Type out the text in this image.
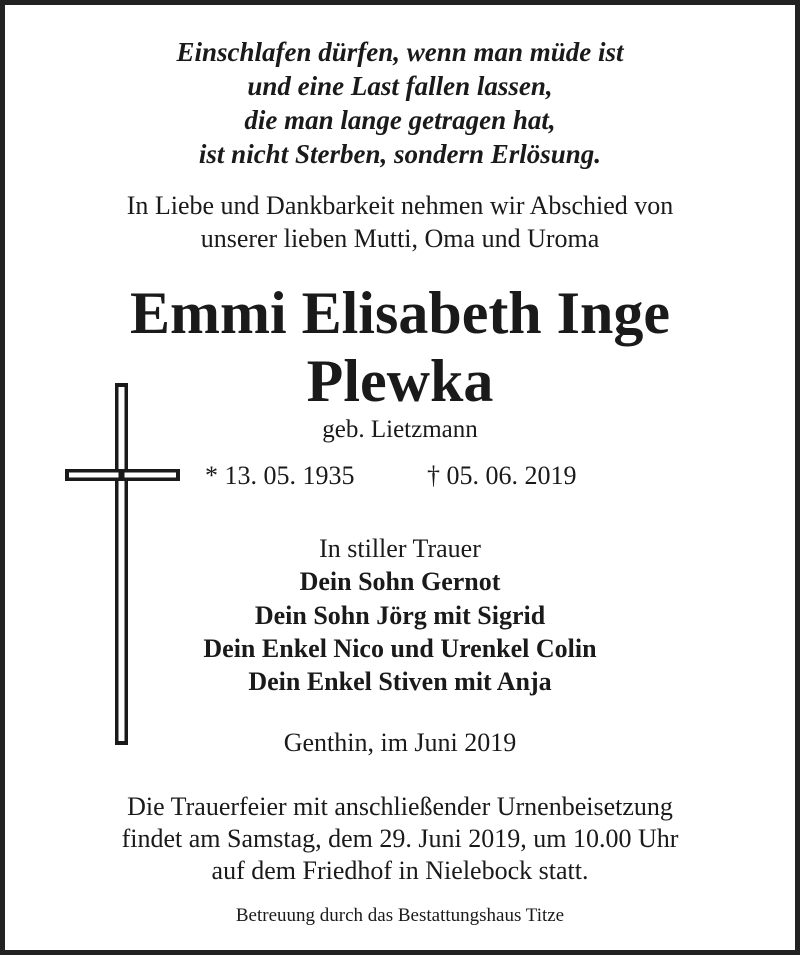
Einschlafen dürfen, wenn man müde ist
und eine Last fallen lassen,
die man lange getragen hat,
ist nicht Sterben, sondern Erlösung.
In Liebe und Dankbarkeit nehmen wir Abschied von
unserer lieben Mutti, Oma und Uroma
Emmi Elisabeth Inge
Plewka
geb. Lietzmann
* 13. 05. 1935	† 05. 06. 2019
In stiller Trauer
Dein Sohn Gernot
Dein Sohn Jörg mit Sigrid
Dein Enkel Nico und Urenkel Colin
Dein Enkel Stiven mit Anja
Genthin, im Juni 2019
Die Trauerfeier mit anschließender Urnenbeisetzung
findet am Samstag, dem 29. Juni 2019, um 10.00 Uhr
auf dem Friedhof in Nielebock statt.
Betreuung durch das Bestattungshaus Titze
